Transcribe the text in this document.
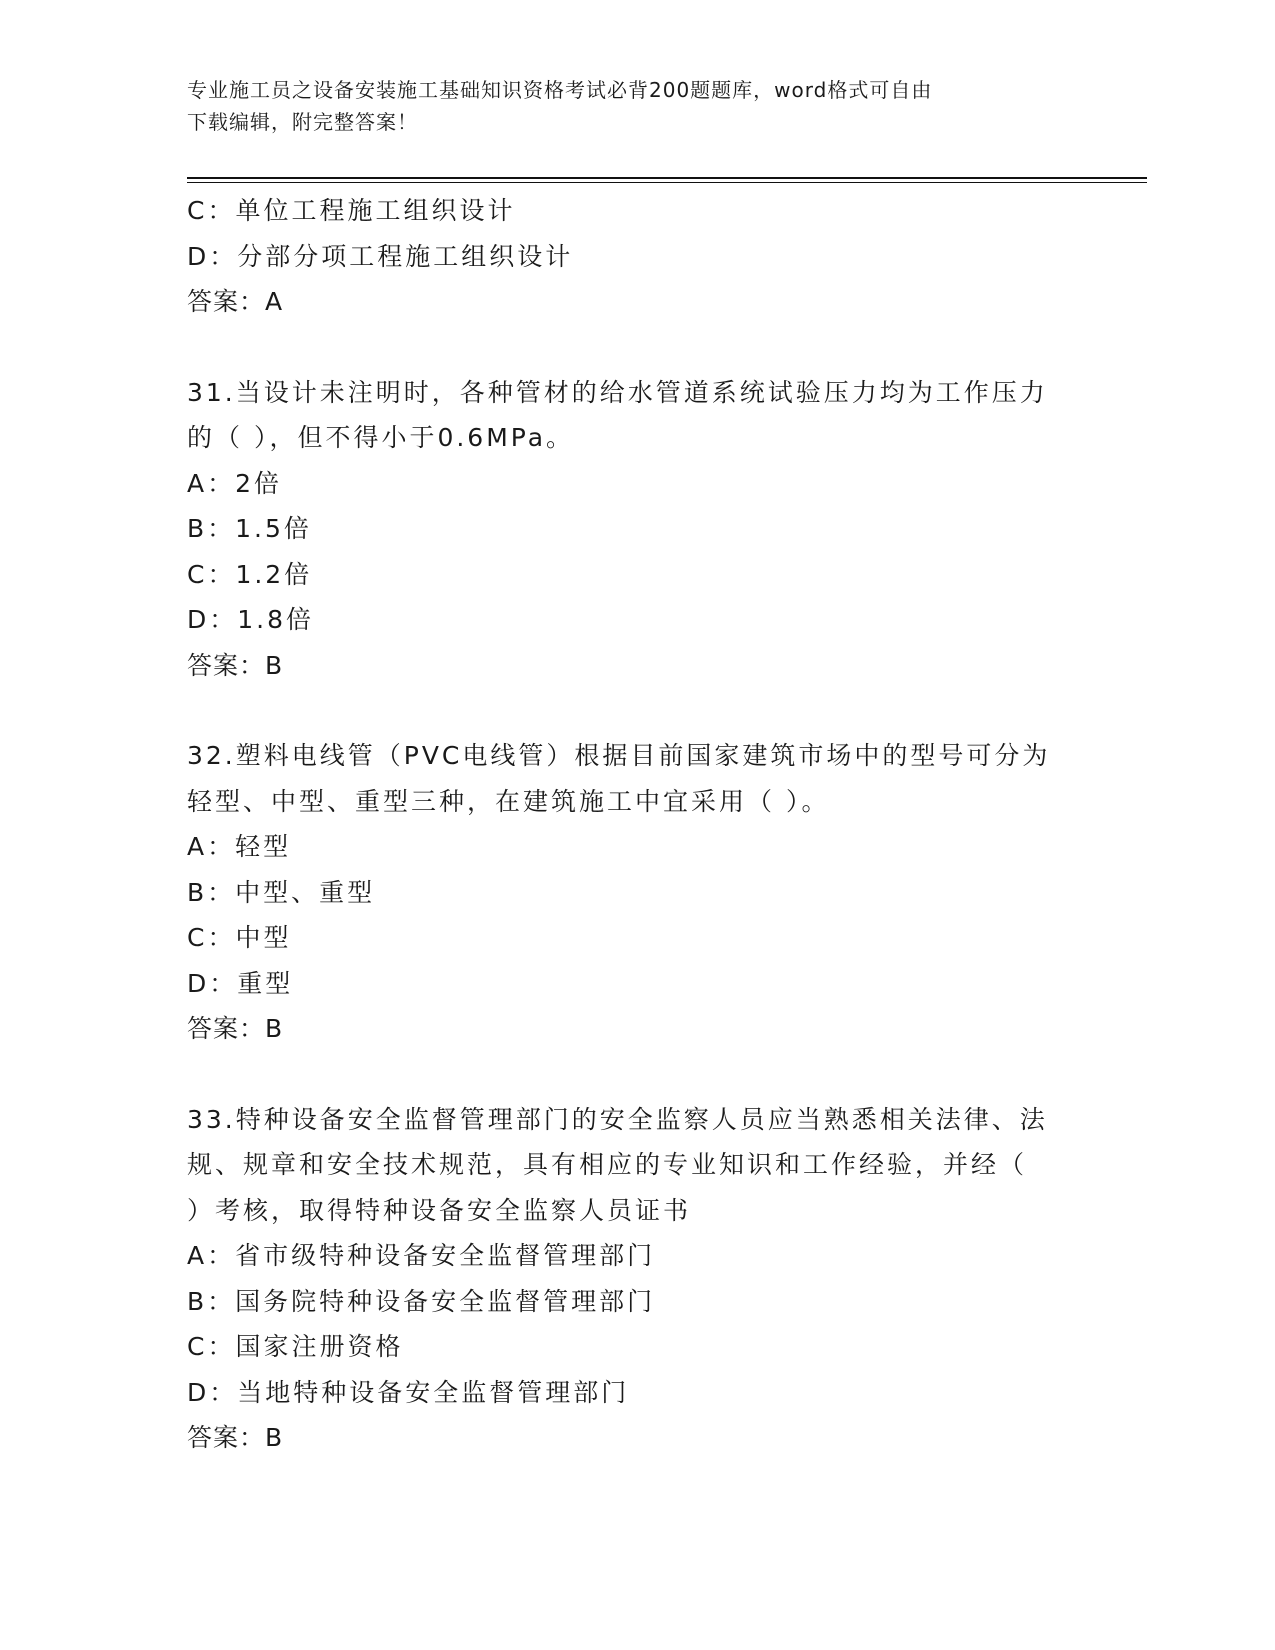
专业施工员之设备安装施工基础知识资格考试必背200题题库，word格式可自由
下载编辑，附完整答案！
C：单位工程施工组织设计
D：分部分项工程施工组织设计
答案：A
31.当设计未注明时，各种管材的给水管道系统试验压力均为工作压力
的（ ），但不得小于0.6MPa。
A：2倍
B：1.5倍
C：1.2倍
D：1.8倍
答案：B
32.塑料电线管（PVC电线管）根据目前国家建筑市场中的型号可分为
轻型、中型、重型三种，在建筑施工中宜采用（ ）。
A：轻型
B：中型、重型
C：中型
D：重型
答案：B
33.特种设备安全监督管理部门的安全监察人员应当熟悉相关法律、法
规、规章和安全技术规范，具有相应的专业知识和工作经验，并经（
）考核，取得特种设备安全监察人员证书
A：省市级特种设备安全监督管理部门
B：国务院特种设备安全监督管理部门
C：国家注册资格
D：当地特种设备安全监督管理部门
答案：B
